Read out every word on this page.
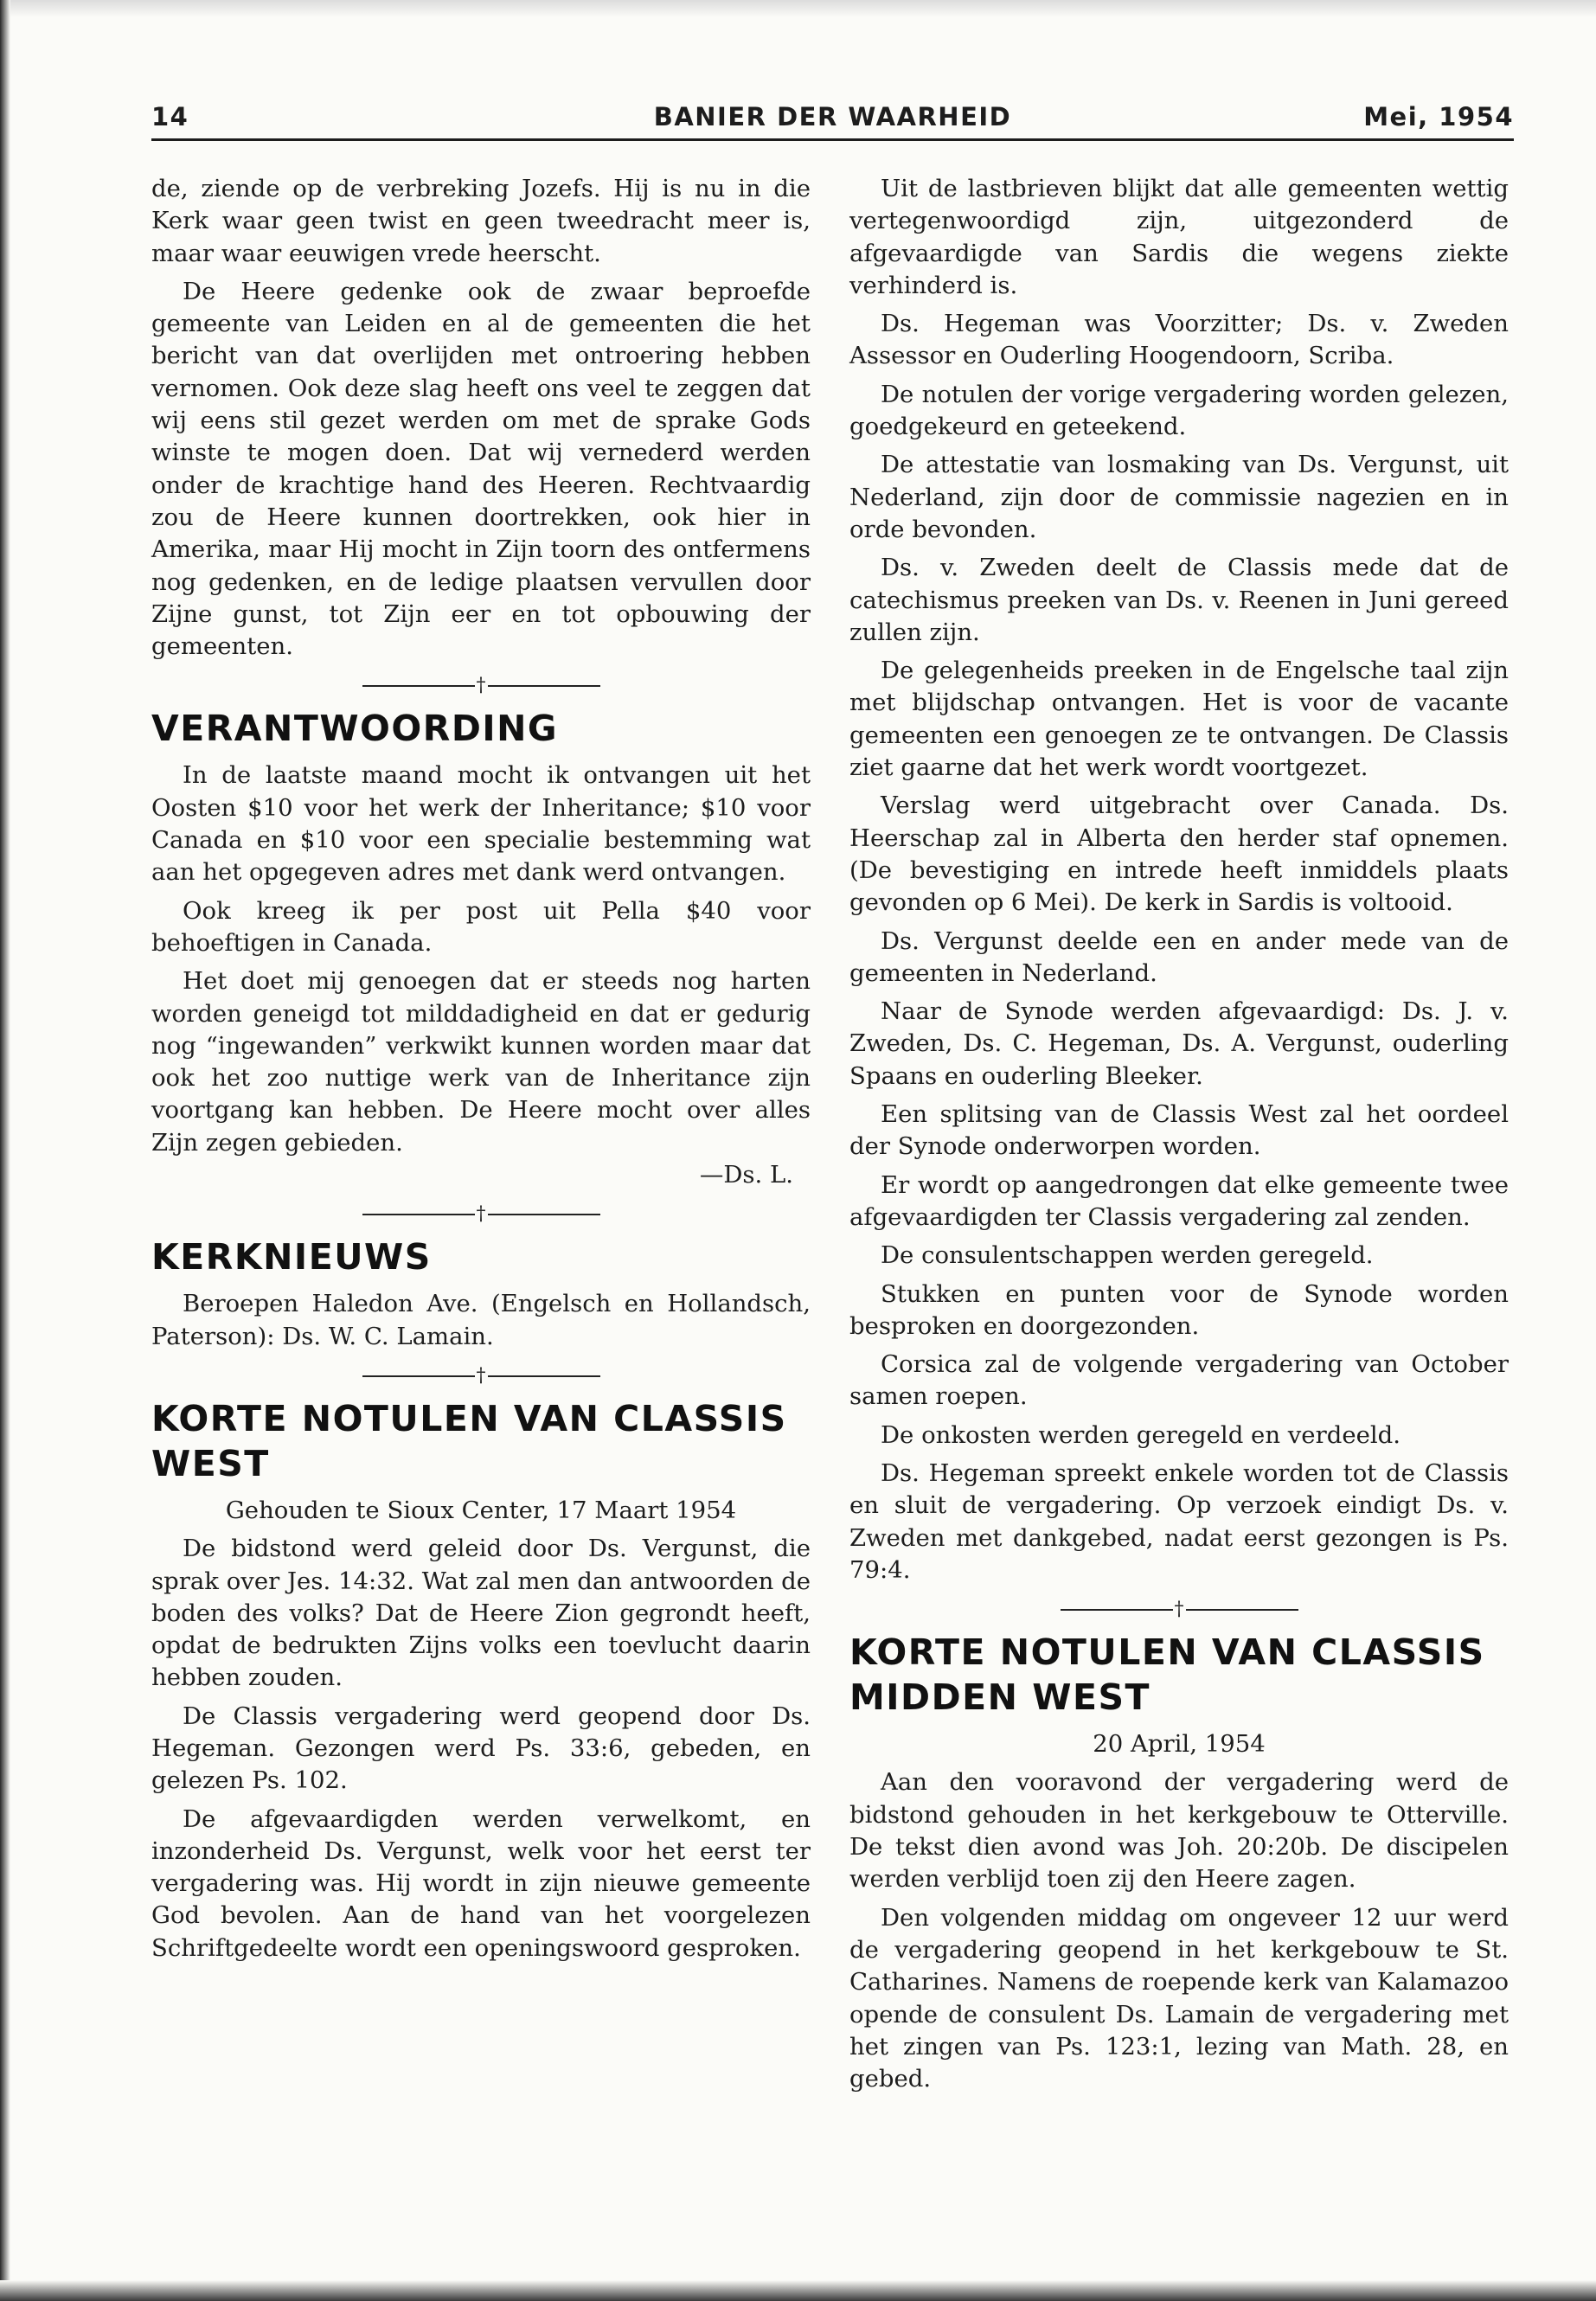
BANIER DER WAARHEID
14	Mei, 1954

de, ziende op de verbreking Jozefs. Hij is nu in die Kerk waar geen twist en geen tweedracht meer is, maar waar eeuwigen vrede heerscht.

De Heere gedenke ook de zwaar beproefde gemeente van Leiden en al de gemeenten die het bericht van dat overlijden met ontroering hebben vernomen. Ook deze slag heeft ons veel te zeggen dat wij eens stil gezet werden om met de sprake Gods winste te mogen doen. Dat wij vernederd werden onder de krachtige hand des Heeren. Rechtvaardig zou de Heere kunnen doortrekken, ook hier in Amerika, maar Hij mocht in Zijn toorn des ontfermens nog gedenken, en de ledige plaatsen vervullen door Zijne gunst, tot Zijn eer en tot opbouwing der gemeenten.

†
VERANTWOORDING

In de laatste maand mocht ik ontvangen uit het Oosten $10 voor het werk der Inheritance; $10 voor Canada en $10 voor een specialie bestemming wat aan het opgegeven adres met dank werd ontvangen.

Ook kreeg ik per post uit Pella $40 voor behoeftigen in Canada.

Het doet mij genoegen dat er steeds nog harten worden geneigd tot milddadigheid en dat er gedurig nog “ingewanden” verkwikt kunnen worden maar dat ook het zoo nuttige werk van de Inheritance zijn voortgang kan hebben. De Heere mocht over alles Zijn zegen gebieden.

—Ds. L.

†
KERKNIEUWS

Beroepen Haledon Ave. (Engelsch en Hollandsch, Paterson): Ds. W. C. Lamain.

†
KORTE NOTULEN VAN CLASSIS WEST

Gehouden te Sioux Center, 17 Maart 1954

De bidstond werd geleid door Ds. Vergunst, die sprak over Jes. 14:32. Wat zal men dan antwoorden de boden des volks? Dat de Heere Zion gegrondt heeft, opdat de bedrukten Zijns volks een toevlucht daarin hebben zouden.

De Classis vergadering werd geopend door Ds. Hegeman. Gezongen werd Ps. 33:6, gebeden, en gelezen Ps. 102.

De afgevaardigden werden verwelkomt, en inzonderheid Ds. Vergunst, welk voor het eerst ter vergadering was. Hij wordt in zijn nieuwe gemeente God bevolen. Aan de hand van het voorgelezen Schriftgedeelte wordt een openingswoord gesproken.

Uit de lastbrieven blijkt dat alle gemeenten wettig vertegenwoordigd zijn, uitgezonderd de afgevaardigde van Sardis die wegens ziekte verhinderd is.

Ds. Hegeman was Voorzitter; Ds. v. Zweden Assessor en Ouderling Hoogendoorn, Scriba.

De notulen der vorige vergadering worden gelezen, goedgekeurd en geteekend.

De attestatie van losmaking van Ds. Vergunst, uit Nederland, zijn door de commissie nagezien en in orde bevonden.

Ds. v. Zweden deelt de Classis mede dat de catechismus preeken van Ds. v. Reenen in Juni gereed zullen zijn.

De gelegenheids preeken in de Engelsche taal zijn met blijdschap ontvangen. Het is voor de vacante gemeenten een genoegen ze te ontvangen. De Classis ziet gaarne dat het werk wordt voortgezet.

Verslag werd uitgebracht over Canada. Ds. Heerschap zal in Alberta den herder staf opnemen. (De bevestiging en intrede heeft inmiddels plaats gevonden op 6 Mei). De kerk in Sardis is voltooid.

Ds. Vergunst deelde een en ander mede van de gemeenten in Nederland.

Naar de Synode werden afgevaardigd: Ds. J. v. Zweden, Ds. C. Hegeman, Ds. A. Vergunst, ouderling Spaans en ouderling Bleeker.

Een splitsing van de Classis West zal het oordeel der Synode onderworpen worden.

Er wordt op aangedrongen dat elke gemeente twee afgevaardigden ter Classis vergadering zal zenden.

De consulentschappen werden geregeld.

Stukken en punten voor de Synode worden besproken en doorgezonden.

Corsica zal de volgende vergadering van October samen roepen.

De onkosten werden geregeld en verdeeld.

Ds. Hegeman spreekt enkele worden tot de Classis en sluit de vergadering. Op verzoek eindigt Ds. v. Zweden met dankgebed, nadat eerst gezongen is Ps. 79:4.

†
KORTE NOTULEN VAN CLASSIS MIDDEN WEST

20 April, 1954

Aan den vooravond der vergadering werd de bidstond gehouden in het kerkgebouw te Otterville. De tekst dien avond was Joh. 20:20b. De discipelen werden verblijd toen zij den Heere zagen.

Den volgenden middag om ongeveer 12 uur werd de vergadering geopend in het kerkgebouw te St. Catharines. Namens de roepende kerk van Kalamazoo opende de consulent Ds. Lamain de vergadering met het zingen van Ps. 123:1, lezing van Math. 28, en gebed.
